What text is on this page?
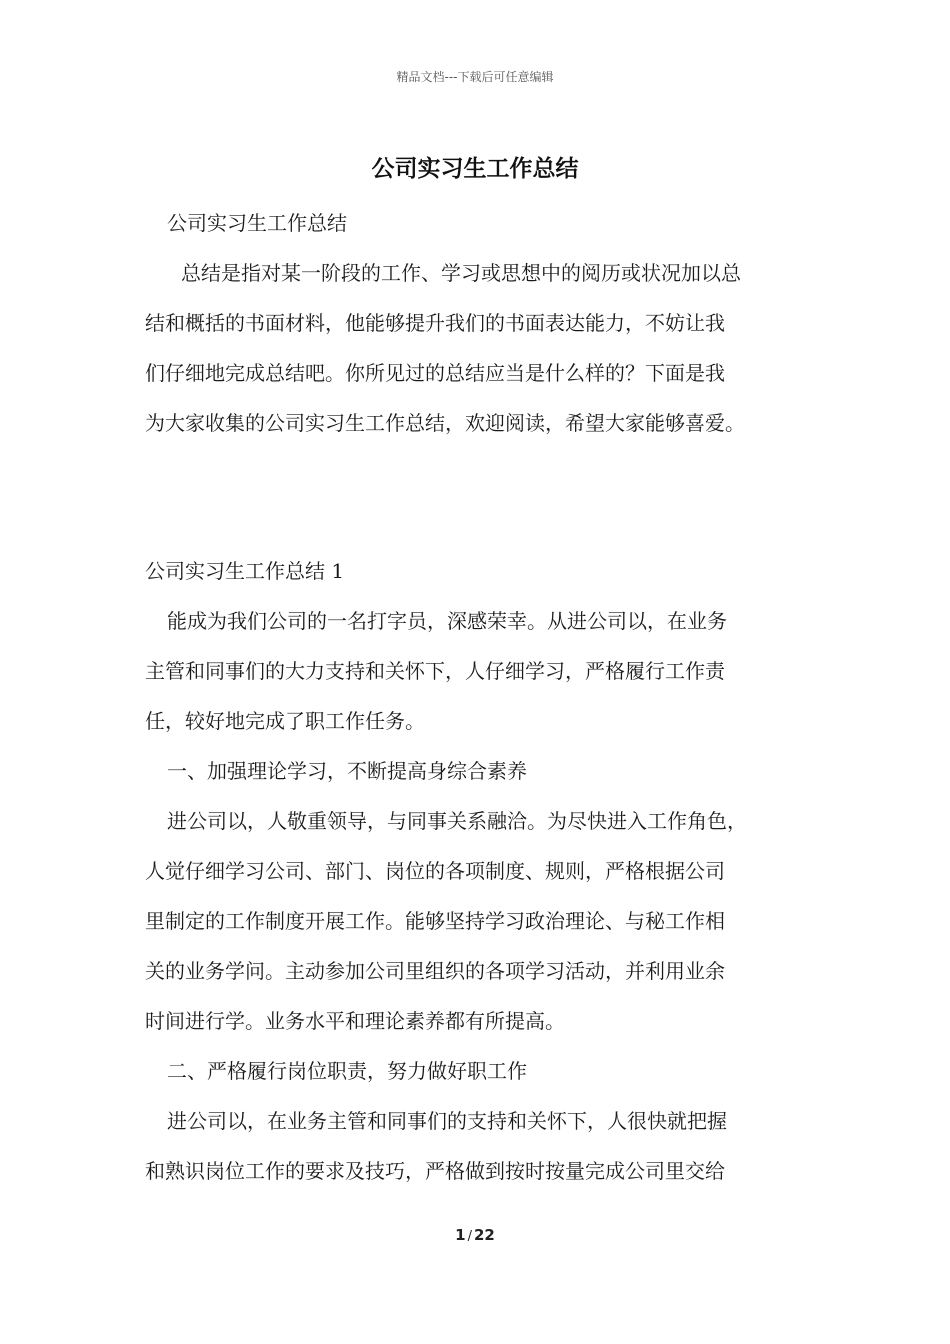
精品文档---下载后可任意编辑
公司实习生工作总结
公司实习生工作总结
总结是指对某一阶段的工作、学习或思想中的阅历或状况加以总
结和概括的书面材料，他能够提升我们的书面表达能力，不妨让我
们仔细地完成总结吧。你所见过的总结应当是什么样的？下面是我
为大家收集的公司实习生工作总结，欢迎阅读，希望大家能够喜爱。
公司实习生工作总结 1
能成为我们公司的一名打字员，深感荣幸。从进公司以，在业务
主管和同事们的大力支持和关怀下，人仔细学习，严格履行工作责
任，较好地完成了职工作任务。
一、加强理论学习，不断提高身综合素养
进公司以，人敬重领导，与同事关系融洽。为尽快进入工作角色，
人觉仔细学习公司、部门、岗位的各项制度、规则，严格根据公司
里制定的工作制度开展工作。能够坚持学习政治理论、与秘工作相
关的业务学问。主动参加公司里组织的各项学习活动，并利用业余
时间进行学。业务水平和理论素养都有所提高。
二、严格履行岗位职责，努力做好职工作
进公司以，在业务主管和同事们的支持和关怀下，人很快就把握
和熟识岗位工作的要求及技巧，严格做到按时按量完成公司里交给
1 / 22
